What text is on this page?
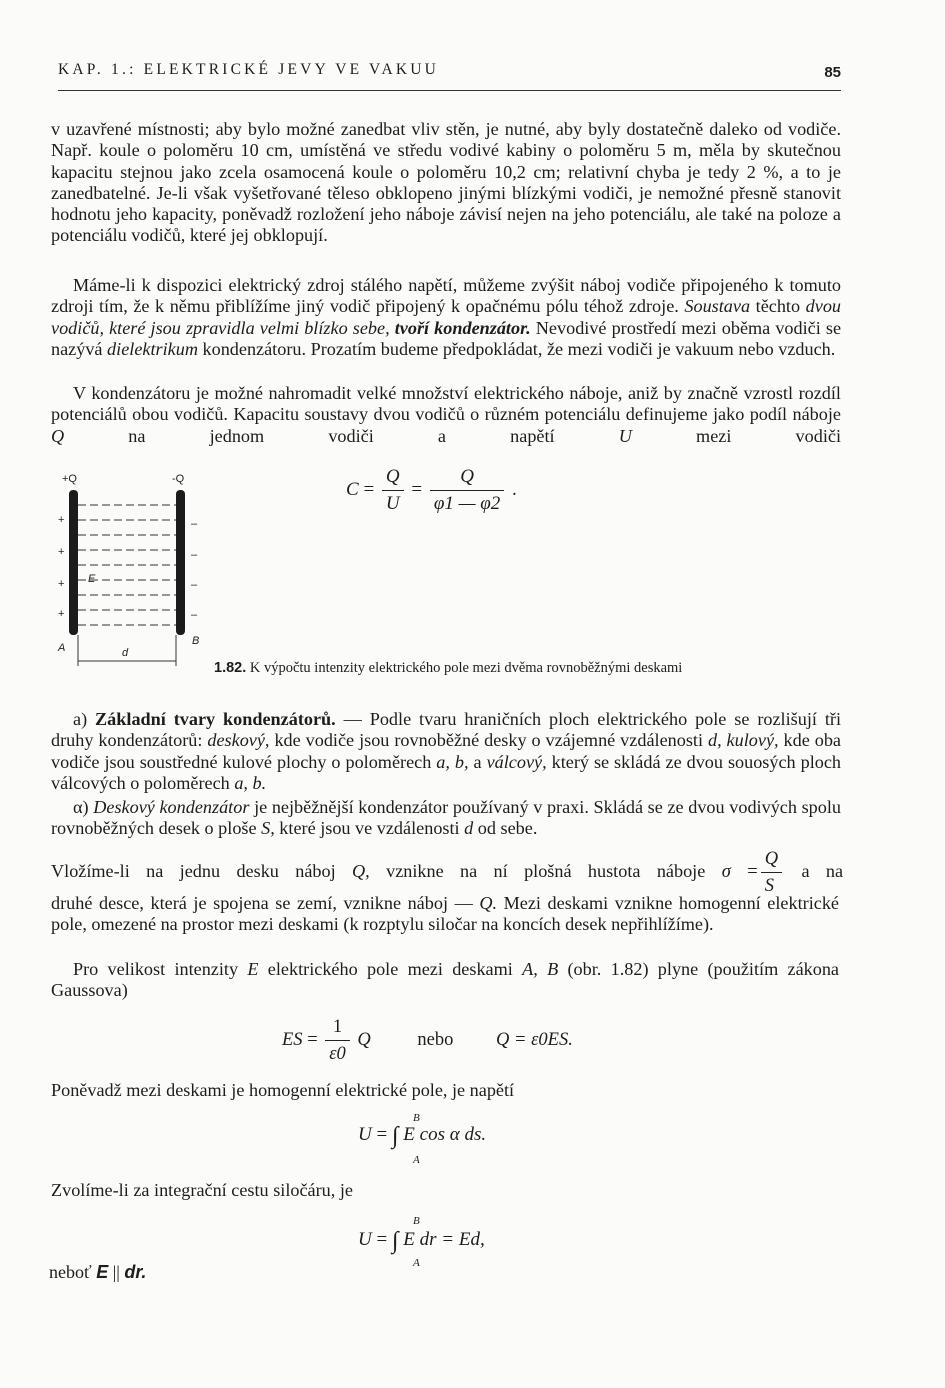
KAP. 1.: ELEKTRICKÉ JEVY VE VAKUU	85

v uzavřené místnosti; aby bylo možné zanedbat vliv stěn, je nutné, aby byly dostatečně daleko od vodiče. Např. koule o poloměru 10 cm, umístěná ve středu vodivé kabiny o poloměru 5 m, měla by skutečnou kapacitu stejnou jako zcela osamocená koule o poloměru 10,2 cm; relativní chyba je tedy 2 %, a to je zanedbatelné. Je-li však vyšetřované těleso obklopeno jinými blízkými vodiči, je nemožné přesně stanovit hodnotu jeho kapacity, poněvadž rozložení jeho náboje závisí nejen na jeho potenciálu, ale také na poloze a potenciálu vodičů, které jej obklopují.

Máme-li k dispozici elektrický zdroj stálého napětí, můžeme zvýšit náboj vodiče připojeného k tomuto zdroji tím, že k němu přiblížíme jiný vodič připojený k opačnému pólu téhož zdroje. Soustava těchto dvou vodičů, které jsou zpravidla velmi blízko sebe, tvoří kondenzátor. Nevodivé prostředí mezi oběma vodiči se nazývá dielektrikum kondenzátoru. Prozatím budeme předpokládat, že mezi vodiči je vakuum nebo vzduch.

V kondenzátoru je možné nahromadit velké množství elektrického náboje, aniž by značně vzrostl rozdíl potenciálů obou vodičů. Kapacitu soustavy dvou vodičů o různém potenciálu definujeme jako podíl náboje Q	na jednom vodiči a napětí	U	mezi vodiči

$C = \frac{Q}{U} = \frac{Q}{\varphi 1 — \varphi 2}$ .
+Q	-Q
+
+
+
+
–
–
–
–
E
A
B
d
1.82. K výpočtu intenzity elektrického pole mezi dvěma rovnoběžnými deskami

a) Základní tvary kondenzátorů. — Podle tvaru hraničních ploch elektrického pole se rozlišují tři druhy kondenzátorů: deskový, kde vodiče jsou rovnoběžné desky o vzájemné vzdálenosti d, kulový, kde oba vodiče jsou soustředné kulové plochy o poloměrech a, b, a válcový, který se skládá ze dvou souosých ploch válcových o poloměrech a, b.

α) Deskový kondenzátor je nejběžnější kondenzátor používaný v praxi. Skládá se ze dvou vodivých spolu rovnoběžných desek o ploše S, které jsou ve vzdálenosti d od sebe.

Vložíme-li na jednu desku náboj Q, vznikne na ní plošná hustota náboje $\sigma = \frac{Q}{S}$ a na

druhé desce, která je spojena se zemí, vznikne náboj — Q. Mezi deskami vznikne homogenní elektrické pole, omezené na prostor mezi deskami (k rozptylu siločar na koncích desek nepřihlížíme).

Pro velikost intenzity E elektrického pole mezi deskami A, B (obr. 1.82) plyne (použitím zákona Gaussova)

ES = $\frac{1}{\varepsilon 0}$ Q	nebo Q = ε0ES.

Poněvadž mezi deskami je homogenní elektrické pole, je napětí

U = ∫
B
A
E cos α ds.

Zvolíme-li za integrační cestu siločáru, je

U = ∫
B
A
E dr = Ed,
neboť E || dr.
